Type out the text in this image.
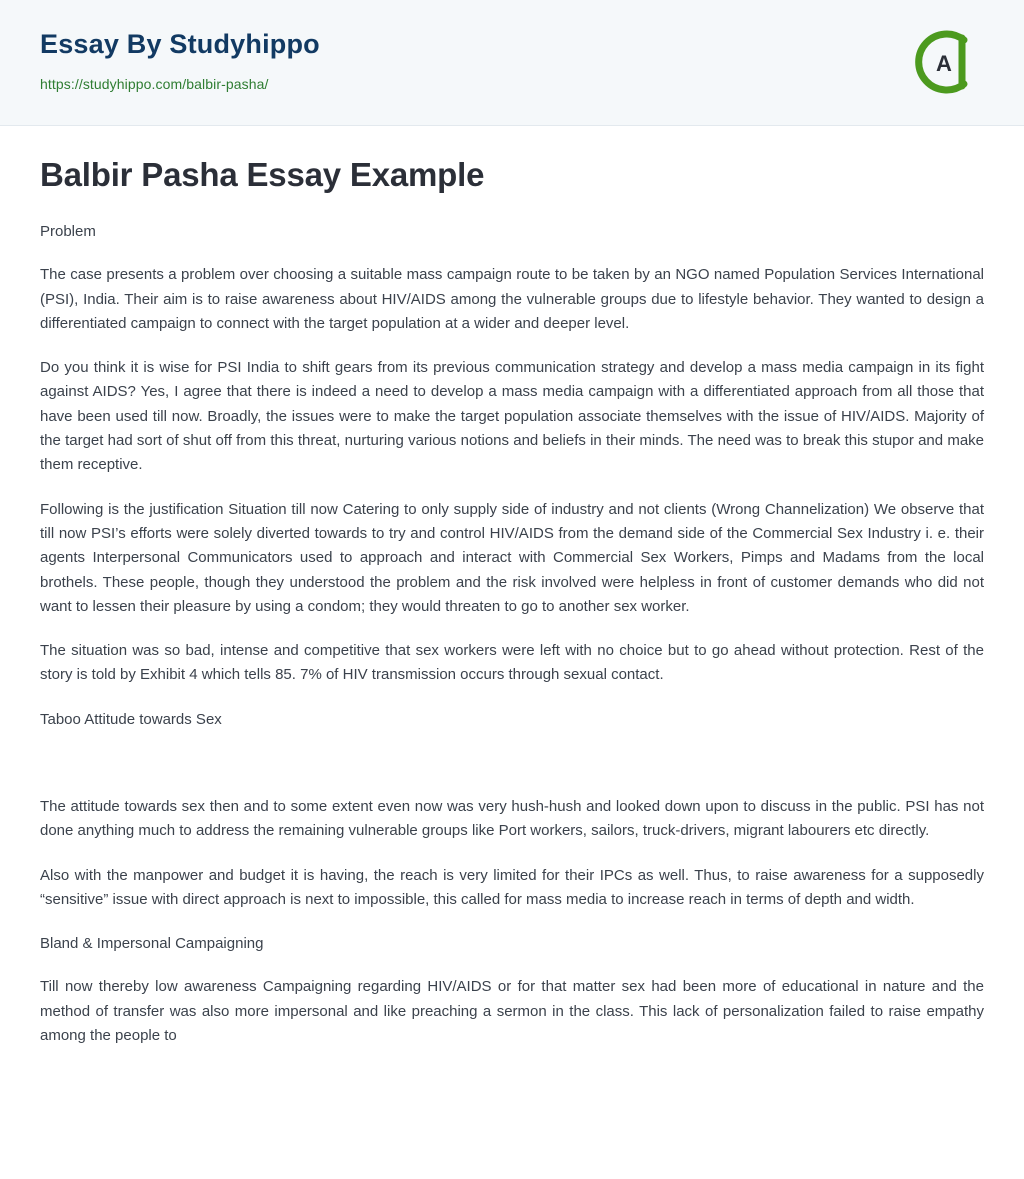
Essay By Studyhippo
https://studyhippo.com/balbir-pasha/
A
Balbir Pasha Essay Example
Problem

The case presents a problem over choosing a suitable mass campaign route to be taken by an NGO named Population Services International (PSI), India. Their aim is to raise awareness about HIV/AIDS among the vulnerable groups due to lifestyle behavior. They wanted to design a differentiated campaign to connect with the target population at a wider and deeper level.

Do you think it is wise for PSI India to shift gears from its previous communication strategy and develop a mass media campaign in its fight against AIDS? Yes, I agree that there is indeed a need to develop a mass media campaign with a differentiated approach from all those that have been used till now. Broadly, the issues were to make the target population associate themselves with the issue of HIV/AIDS. Majority of the target had sort of shut off from this threat, nurturing various notions and beliefs in their minds. The need was to break this stupor and make them receptive.

Following is the justification Situation till now Catering to only supply side of industry and not clients (Wrong Channelization) We observe that till now PSI’s efforts were solely diverted towards to try and control HIV/AIDS from the demand side of the Commercial Sex Industry i. e. their agents Interpersonal Communicators used to approach and interact with Commercial Sex Workers, Pimps and Madams from the local brothels. These people, though they understood the problem and the risk involved were helpless in front of customer demands who did not want to lessen their pleasure by using a condom; they would threaten to go to another sex worker.

The situation was so bad, intense and competitive that sex workers were left with no choice but to go ahead without protection. Rest of the story is told by Exhibit 4 which tells 85. 7% of HIV transmission occurs through sexual contact.

Taboo Attitude towards Sex

The attitude towards sex then and to some extent even now was very hush-hush and looked down upon to discuss in the public. PSI has not done anything much to address the remaining vulnerable groups like Port workers, sailors, truck-drivers, migrant labourers etc directly.

Also with the manpower and budget it is having, the reach is very limited for their IPCs as well. Thus, to raise awareness for a supposedly “sensitive” issue with direct approach is next to impossible, this called for mass media to increase reach in terms of depth and width.

Bland & Impersonal Campaigning

Till now thereby low awareness Campaigning regarding HIV/AIDS or for that matter sex had been more of educational in nature and the method of transfer was also more impersonal and like preaching a sermon in the class. This lack of personalization failed to raise empathy among the people to
